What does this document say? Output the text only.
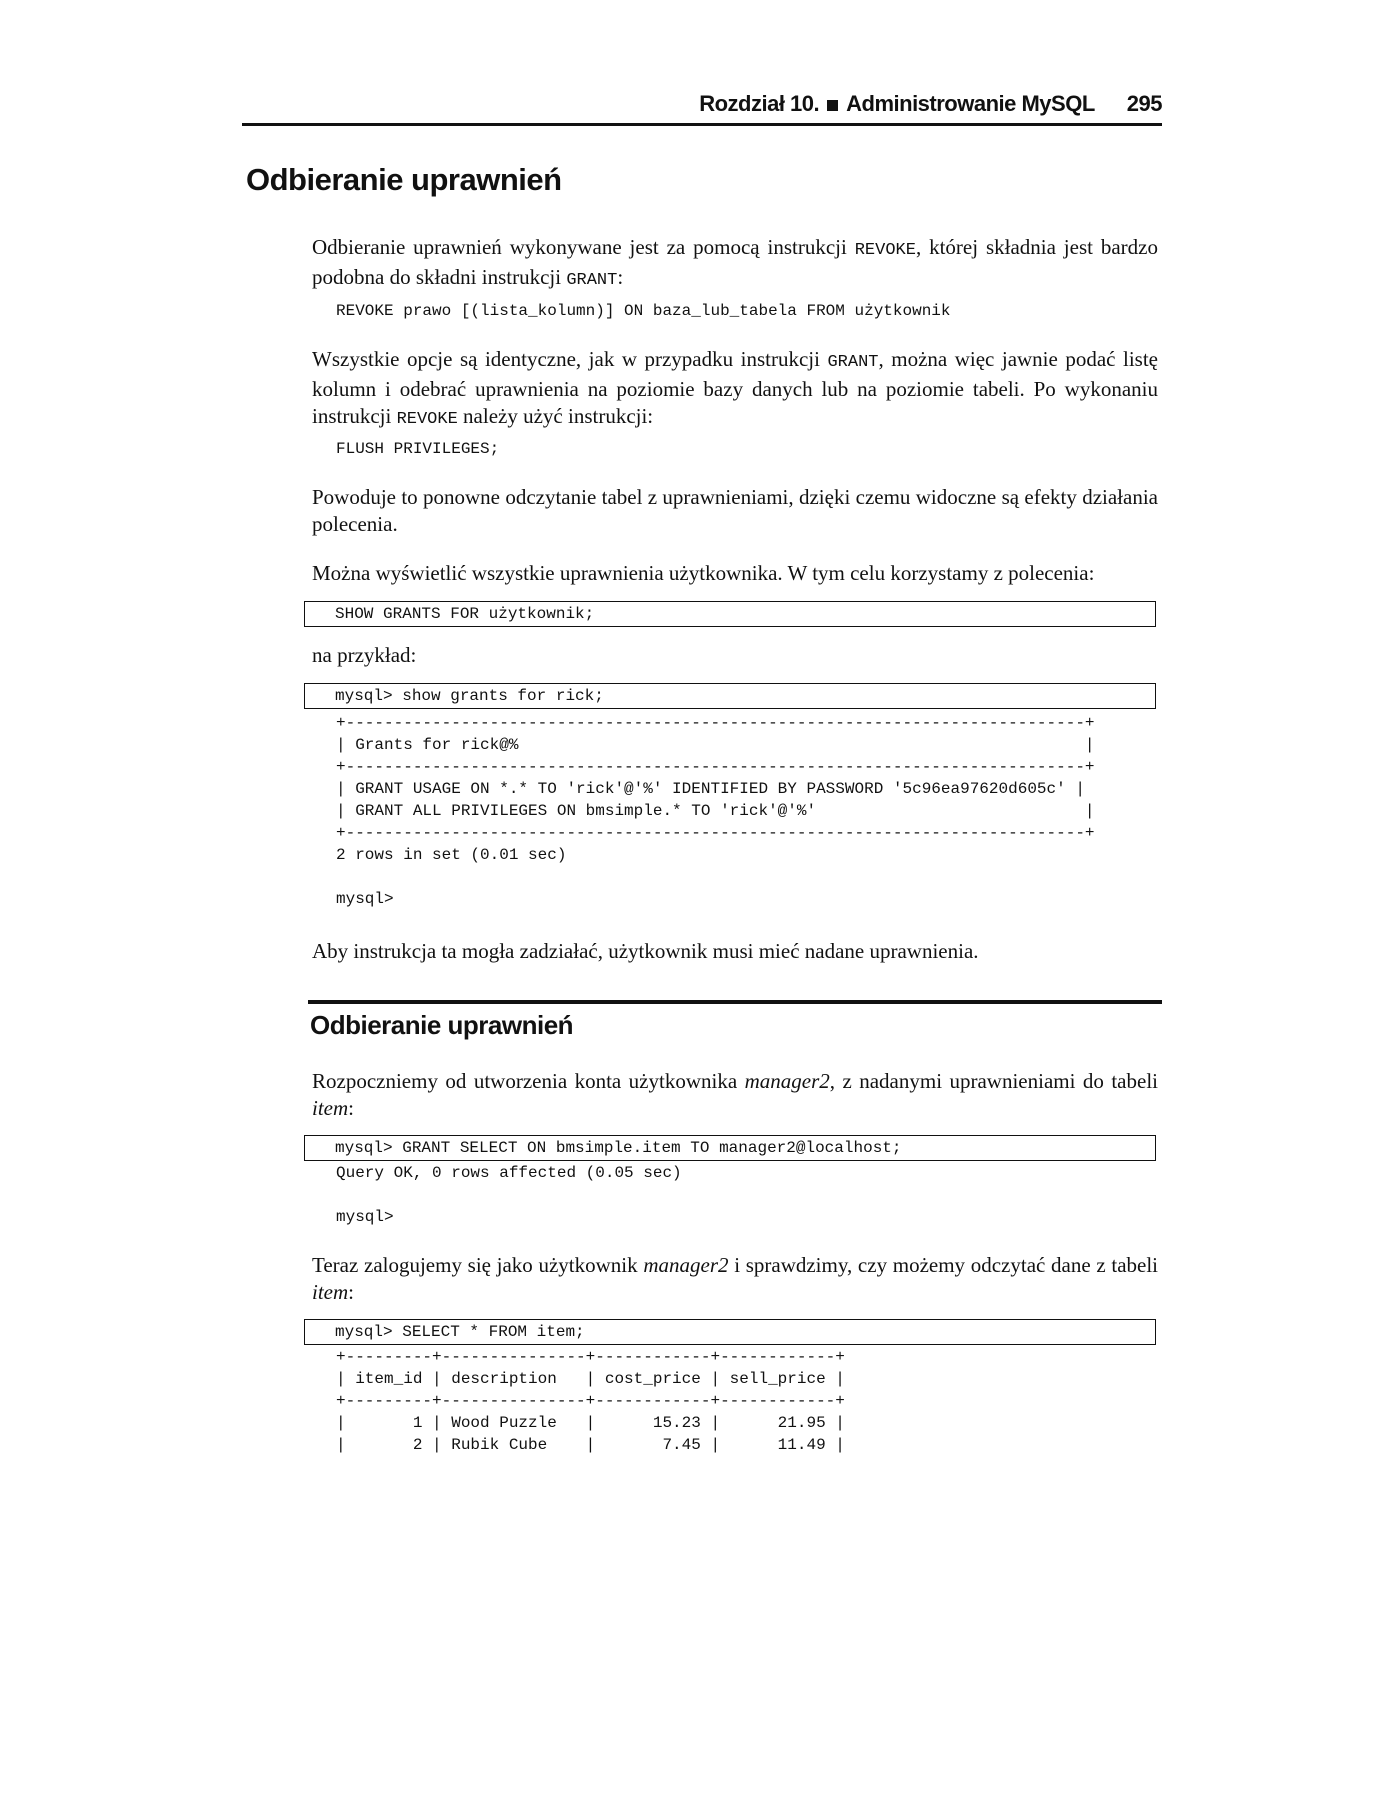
Rozdział 10. Administrowanie MySQL 295
Odbieranie uprawnień

Odbieranie uprawnień wykonywane jest za pomocą instrukcji REVOKE, której składnia jest bardzo podobna do składni instrukcji GRANT:

REVOKE prawo [(lista_kolumn)] ON baza_lub_tabela FROM użytkownik

Wszystkie opcje są identyczne, jak w przypadku instrukcji GRANT, można więc jawnie podać listę kolumn i odebrać uprawnienia na poziomie bazy danych lub na poziomie tabeli. Po wykonaniu instrukcji REVOKE należy użyć instrukcji:

FLUSH PRIVILEGES;

Powoduje to ponowne odczytanie tabel z uprawnieniami, dzięki czemu widoczne są efekty działania polecenia.

Można wyświetlić wszystkie uprawnienia użytkownika. W tym celu korzystamy z polecenia:

SHOW GRANTS FOR użytkownik;

na przykład:

mysql> show grants for rick;
+-----------------------------------------------------------------------------+
| Grants for rick@%                                                           |
+-----------------------------------------------------------------------------+
| GRANT USAGE ON *.* TO 'rick'@'%' IDENTIFIED BY PASSWORD '5c96ea97620d605c' |
| GRANT ALL PRIVILEGES ON bmsimple.* TO 'rick'@'%'                            |
+-----------------------------------------------------------------------------+
2 rows in set (0.01 sec)

mysql>

Aby instrukcja ta mogła zadziałać, użytkownik musi mieć nadane uprawnienia.

Odbieranie uprawnień

Rozpoczniemy od utworzenia konta użytkownika manager2, z nadanymi uprawnieniami do tabeli item:

mysql> GRANT SELECT ON bmsimple.item TO manager2@localhost;
Query OK, 0 rows affected (0.05 sec)

mysql>

Teraz zalogujemy się jako użytkownik manager2 i sprawdzimy, czy możemy odczytać dane z tabeli item:

mysql> SELECT * FROM item;
+---------+---------------+------------+------------+
| item_id | description   | cost_price | sell_price |
+---------+---------------+------------+------------+
|       1 | Wood Puzzle   |      15.23 |      21.95 |
|       2 | Rubik Cube    |       7.45 |      11.49 |
